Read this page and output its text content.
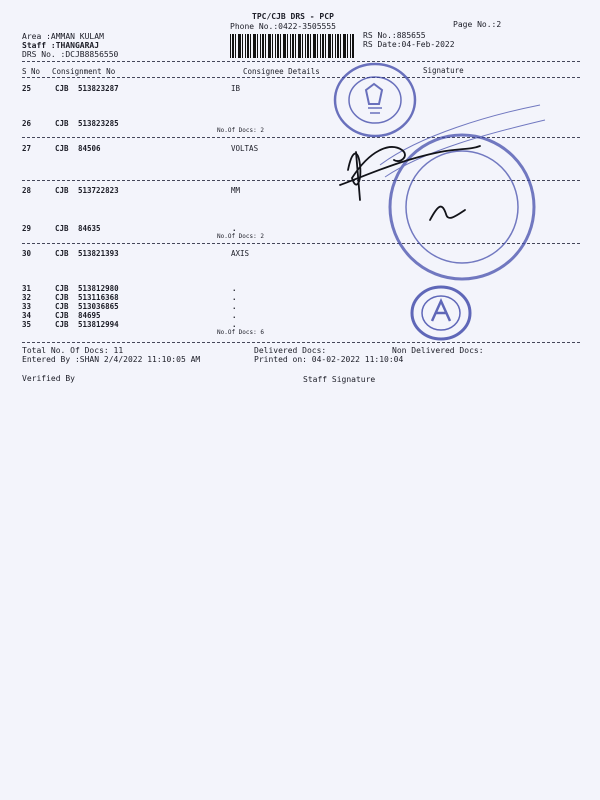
TPC/CJB DRS - PCP
Phone No.:0422-3505555	Page No.:2
Area :AMMAN KULAM
Staff :THANGARAJ
DRS No. :DCJB8856550
RS No.:885655
RS Date:04-Feb-2022
S No Consignment No	Consignee Details	Signature
25	CJB 513823287	IB
26	CJB 513823285
No.Of Docs: 2
27	CJB 84506	VOLTAS
28	CJB 513722823	MM
29	CJB 84635	.
No.Of Docs: 2
30	CJB 513821393	AXIS
31	CJB 513812980	.
32	CJB 513116368	.
33	CJB 513036865	.
34	CJB 84695	.
35	CJB 513812994	.
No.Of Docs: 6
Total No. Of Docs: 11
Entered By :SHAN 2/4/2022 11:10:05 AM
Delivered Docs:	Non Delivered Docs:
Printed on: 04-02-2022 11:10:04
Verified By	Staff Signature
